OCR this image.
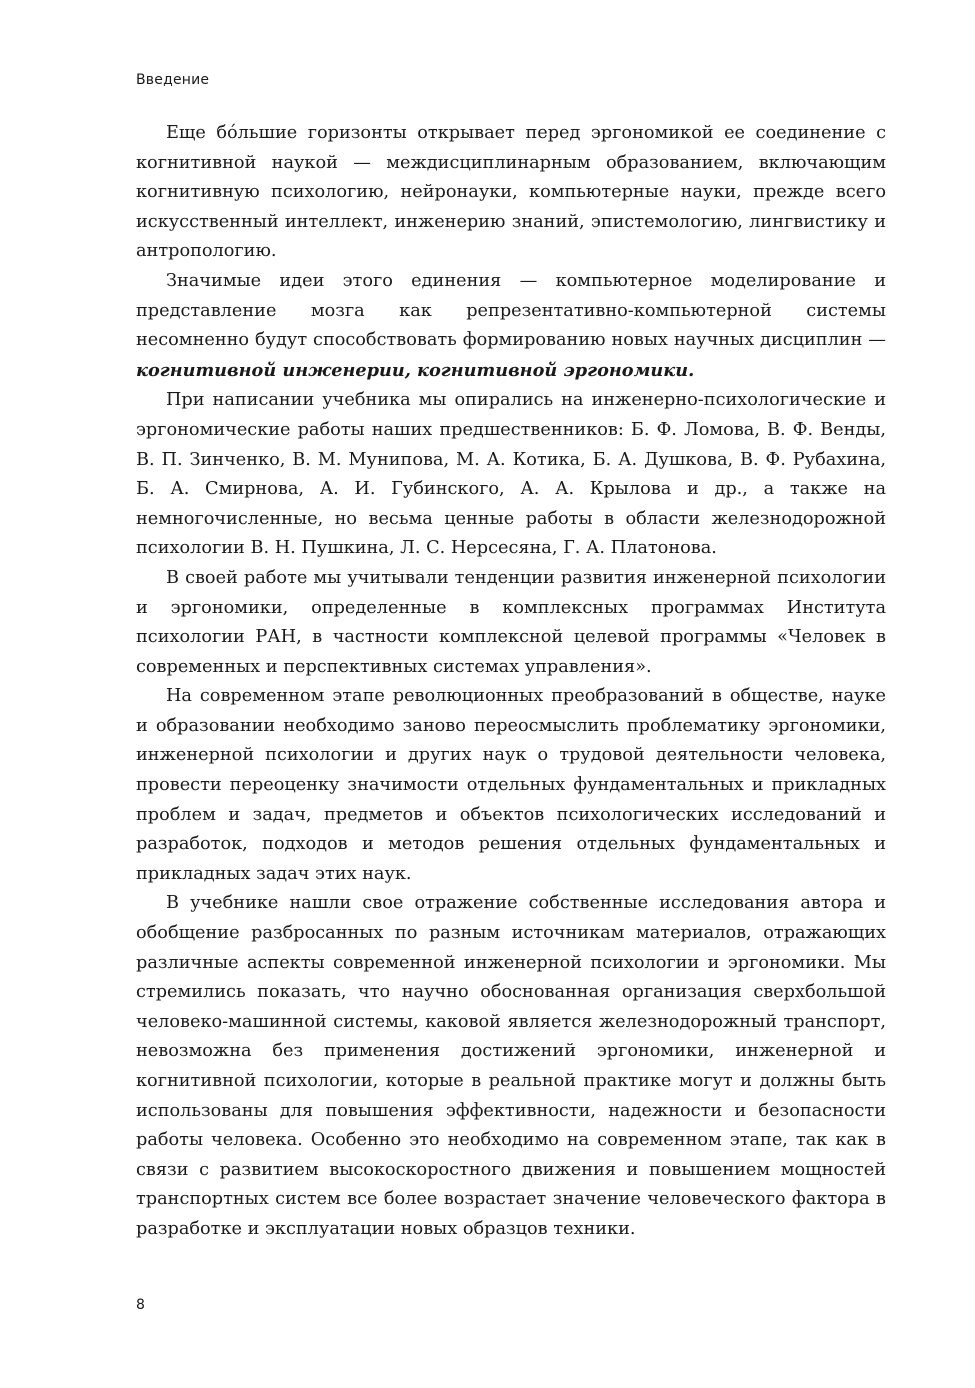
Введение

Еще бо́льшие горизонты открывает перед эргономикой ее соединение с когнитивной наукой — междисциплинарным образованием, включающим когнитивную психологию, нейронауки, компьютерные науки, прежде всего искусственный интеллект, инженерию знаний, эпистемологию, лингвистику и антропологию.

Значимые идеи этого единения — компьютерное моделирование и представление мозга как репрезентативно-компьютерной системы несомненно будут способствовать формированию новых научных дисциплин — когнитивной инженерии, когнитивной эргономики.

При написании учебника мы опирались на инженерно-психологические и эргономические работы наших предшественников: Б. Ф. Ломова, В. Ф. Венды, В. П. Зинченко, В. М. Мунипова, М. А. Котика, Б. А. Душкова, В. Ф. Рубахина, Б. А. Смирнова, А. И. Губинского, А. А. Крылова и др., а также на немногочисленные, но весьма ценные работы в области железнодорожной психологии В. Н. Пушкина, Л. С. Нерсесяна, Г. А. Платонова.

В своей работе мы учитывали тенденции развития инженерной психологии и эргономики, определенные в комплексных программах Института психологии РАН, в частности комплексной целевой программы «Человек в современных и перспективных системах управления».

На современном этапе революционных преобразований в обществе, науке и образовании необходимо заново переосмыслить проблематику эргономики, инженерной психологии и других наук о трудовой деятельности человека, провести переоценку значимости отдельных фундаментальных и прикладных проблем и задач, предметов и объектов психологических исследований и разработок, подходов и методов решения отдельных фундаментальных и прикладных задач этих наук.

В учебнике нашли свое отражение собственные исследования автора и обобщение разбросанных по разным источникам материалов, отражающих различные аспекты современной инженерной психологии и эргономики. Мы стремились показать, что научно обоснованная организация сверхбольшой человеко-машинной системы, каковой является железнодорожный транспорт, невозможна без применения достижений эргономики, инженерной и когнитивной психологии, которые в реальной практике могут и должны быть использованы для повышения эффективности, надежности и безопасности работы человека. Особенно это необходимо на современном этапе, так как в связи с развитием высокоскоростного движения и повышением мощностей транспортных систем все более возрастает значение человеческого фактора в разработке и эксплуатации новых образцов техники.

8
